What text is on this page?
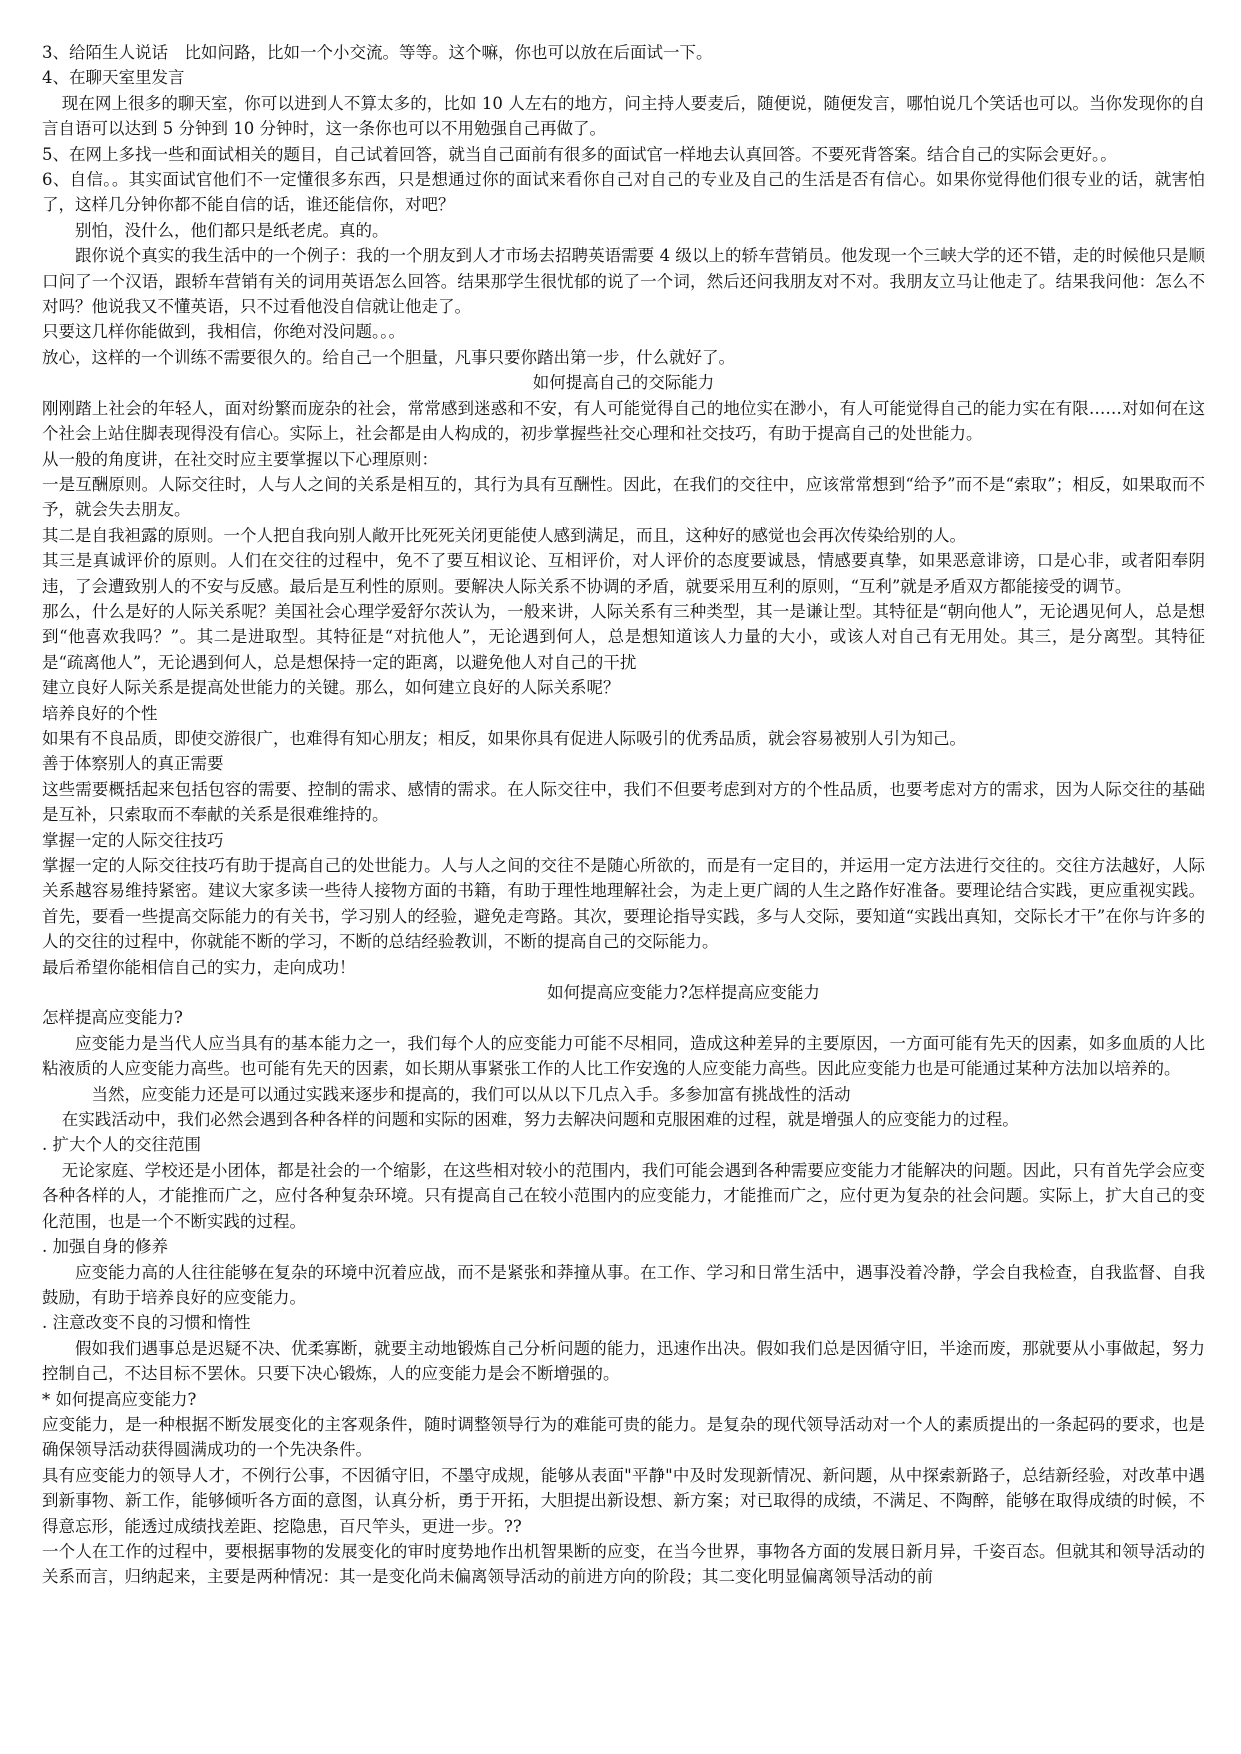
3、给陌生人说话　比如问路，比如一个小交流。等等。这个嘛，你也可以放在后面试一下。

4、在聊天室里发言

现在网上很多的聊天室，你可以进到人不算太多的，比如 10 人左右的地方，问主持人要麦后，随便说，随便发言，哪怕说几个笑话也可以。当你发现你的自言自语可以达到 5 分钟到 10 分钟时，这一条你也可以不用勉强自己再做了。

5、在网上多找一些和面试相关的题目，自己试着回答，就当自己面前有很多的面试官一样地去认真回答。不要死背答案。结合自己的实际会更好。。

6、自信。。其实面试官他们不一定懂很多东西，只是想通过你的面试来看你自己对自己的专业及自己的生活是否有信心。如果你觉得他们很专业的话，就害怕了，这样几分钟你都不能自信的话，谁还能信你，对吧？

别怕，没什么，他们都只是纸老虎。真的。

跟你说个真实的我生活中的一个例子：我的一个朋友到人才市场去招聘英语需要 4 级以上的轿车营销员。他发现一个三峡大学的还不错，走的时候他只是顺口问了一个汉语，跟轿车营销有关的词用英语怎么回答。结果那学生很忧郁的说了一个词，然后还问我朋友对不对。我朋友立马让他走了。结果我问他：怎么不对吗？他说我又不懂英语，只不过看他没自信就让他走了。

只要这几样你能做到，我相信，你绝对没问题。。。

放心，这样的一个训练不需要很久的。给自己一个胆量，凡事只要你踏出第一步，什么就好了。

如何提高自己的交际能力

刚刚踏上社会的年轻人，面对纷繁而庞杂的社会，常常感到迷惑和不安，有人可能觉得自己的地位实在渺小，有人可能觉得自己的能力实在有限……对如何在这个社会上站住脚表现得没有信心。实际上，社会都是由人构成的，初步掌握些社交心理和社交技巧，有助于提高自己的处世能力。

从一般的角度讲，在社交时应主要掌握以下心理原则：

一是互酬原则。人际交往时，人与人之间的关系是相互的，其行为具有互酬性。因此，在我们的交往中，应该常常想到“给予”而不是“索取”；相反，如果取而不予，就会失去朋友。

其二是自我袒露的原则。一个人把自我向别人敞开比死死关闭更能使人感到满足，而且，这种好的感觉也会再次传染给别的人。

其三是真诚评价的原则。人们在交往的过程中，免不了要互相议论、互相评价，对人评价的态度要诚恳，情感要真挚，如果恶意诽谤，口是心非，或者阳奉阴违，了会遭致别人的不安与反感。最后是互利性的原则。要解决人际关系不协调的矛盾，就要采用互利的原则，“互利”就是矛盾双方都能接受的调节。

那么，什么是好的人际关系呢？美国社会心理学爱舒尔茨认为，一般来讲，人际关系有三种类型，其一是谦让型。其特征是“朝向他人”，无论遇见何人，总是想到“他喜欢我吗？”。其二是进取型。其特征是“对抗他人”，无论遇到何人，总是想知道该人力量的大小，或该人对自己有无用处。其三，是分离型。其特征是“疏离他人”，无论遇到何人，总是想保持一定的距离，以避免他人对自己的干扰

建立良好人际关系是提高处世能力的关键。那么，如何建立良好的人际关系呢？

培养良好的个性

如果有不良品质，即使交游很广，也难得有知心朋友；相反，如果你具有促进人际吸引的优秀品质，就会容易被别人引为知己。

善于体察别人的真正需要

这些需要概括起来包括包容的需要、控制的需求、感情的需求。在人际交往中，我们不但要考虑到对方的个性品质，也要考虑对方的需求，因为人际交往的基础是互补，只索取而不奉献的关系是很难维持的。

掌握一定的人际交往技巧

掌握一定的人际交往技巧有助于提高自己的处世能力。人与人之间的交往不是随心所欲的，而是有一定目的，并运用一定方法进行交往的。交往方法越好，人际关系越容易维持紧密。建议大家多读一些待人接物方面的书籍，有助于理性地理解社会，为走上更广阔的人生之路作好准备。要理论结合实践，更应重视实践。首先，要看一些提高交际能力的有关书，学习别人的经验，避免走弯路。其次，要理论指导实践，多与人交际，要知道“实践出真知，交际长才干”在你与许多的人的交往的过程中，你就能不断的学习，不断的总结经验教训，不断的提高自己的交际能力。

最后希望你能相信自己的实力，走向成功！

如何提高应变能力?怎样提高应变能力

怎样提高应变能力?

应变能力是当代人应当具有的基本能力之一，我们每个人的应变能力可能不尽相同，造成这种差异的主要原因，一方面可能有先天的因素，如多血质的人比粘液质的人应变能力高些。也可能有先天的因素，如长期从事紧张工作的人比工作安逸的人应变能力高些。因此应变能力也是可能通过某种方法加以培养的。

当然，应变能力还是可以通过实践来逐步和提高的，我们可以从以下几点入手。多参加富有挑战性的活动

在实践活动中，我们必然会遇到各种各样的问题和实际的困难，努力去解决问题和克服困难的过程，就是增强人的应变能力的过程。

. 扩大个人的交往范围

无论家庭、学校还是小团体，都是社会的一个缩影，在这些相对较小的范围内，我们可能会遇到各种需要应变能力才能解决的问题。因此，只有首先学会应变各种各样的人，才能推而广之，应付各种复杂环境。只有提高自己在较小范围内的应变能力，才能推而广之，应付更为复杂的社会问题。实际上，扩大自己的变化范围，也是一个不断实践的过程。

. 加强自身的修养

应变能力高的人往往能够在复杂的环境中沉着应战，而不是紧张和莽撞从事。在工作、学习和日常生活中，遇事没着冷静，学会自我检查，自我监督、自我鼓励，有助于培养良好的应变能力。

. 注意改变不良的习惯和惰性

假如我们遇事总是迟疑不决、优柔寡断，就要主动地锻炼自己分析问题的能力，迅速作出决。假如我们总是因循守旧，半途而废，那就要从小事做起，努力控制自己，不达目标不罢休。只要下决心锻炼，人的应变能力是会不断增强的。

* 如何提高应变能力?

应变能力，是一种根据不断发展变化的主客观条件，随时调整领导行为的难能可贵的能力。是复杂的现代领导活动对一个人的素质提出的一条起码的要求，也是确保领导活动获得圆满成功的一个先决条件。

具有应变能力的领导人才，不例行公事，不因循守旧，不墨守成规，能够从表面"平静"中及时发现新情况、新问题，从中探索新路子，总结新经验，对改革中遇到新事物、新工作，能够倾听各方面的意图，认真分析，勇于开拓，大胆提出新设想、新方案；对已取得的成绩，不满足、不陶醉，能够在取得成绩的时候，不得意忘形，能透过成绩找差距、挖隐患，百尺竿头，更进一步。??

一个人在工作的过程中，要根据事物的发展变化的审时度势地作出机智果断的应变，在当今世界，事物各方面的发展日新月异，千姿百态。但就其和领导活动的关系而言，归纳起来，主要是两种情况：其一是变化尚未偏离领导活动的前进方向的阶段；其二变化明显偏离领导活动的前
